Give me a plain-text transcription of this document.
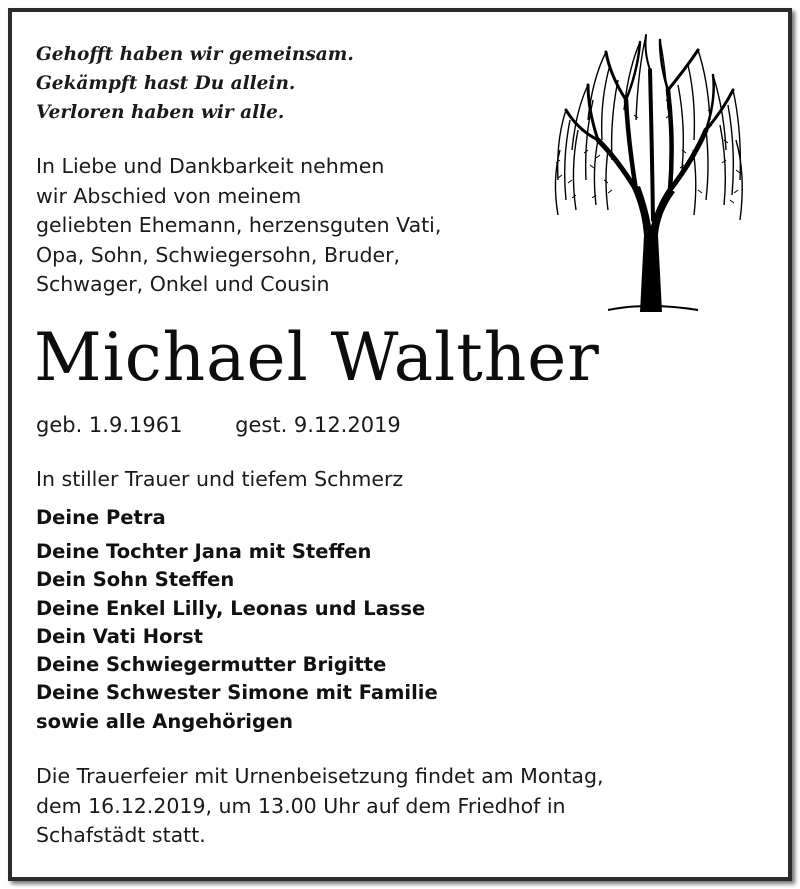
Gehofft haben wir gemeinsam.
Gekämpft hast Du allein.
Verloren haben wir alle.
In Liebe und Dankbarkeit nehmen
wir Abschied von meinem
geliebten Ehemann, herzensguten Vati,
Opa, Sohn, Schwiegersohn, Bruder,
Schwager, Onkel und Cousin
Michael Walther
geb. 1.9.1961	gest. 9.12.2019
In stiller Trauer und tiefem Schmerz
Deine Petra
Deine Tochter Jana mit Steffen
Dein Sohn Steffen
Deine Enkel Lilly, Leonas und Lasse
Dein Vati Horst
Deine Schwiegermutter Brigitte
Deine Schwester Simone mit Familie
sowie alle Angehörigen
Die Trauerfeier mit Urnenbeisetzung findet am Montag,
dem 16.12.2019, um 13.00 Uhr auf dem Friedhof in
Schafstädt statt.
